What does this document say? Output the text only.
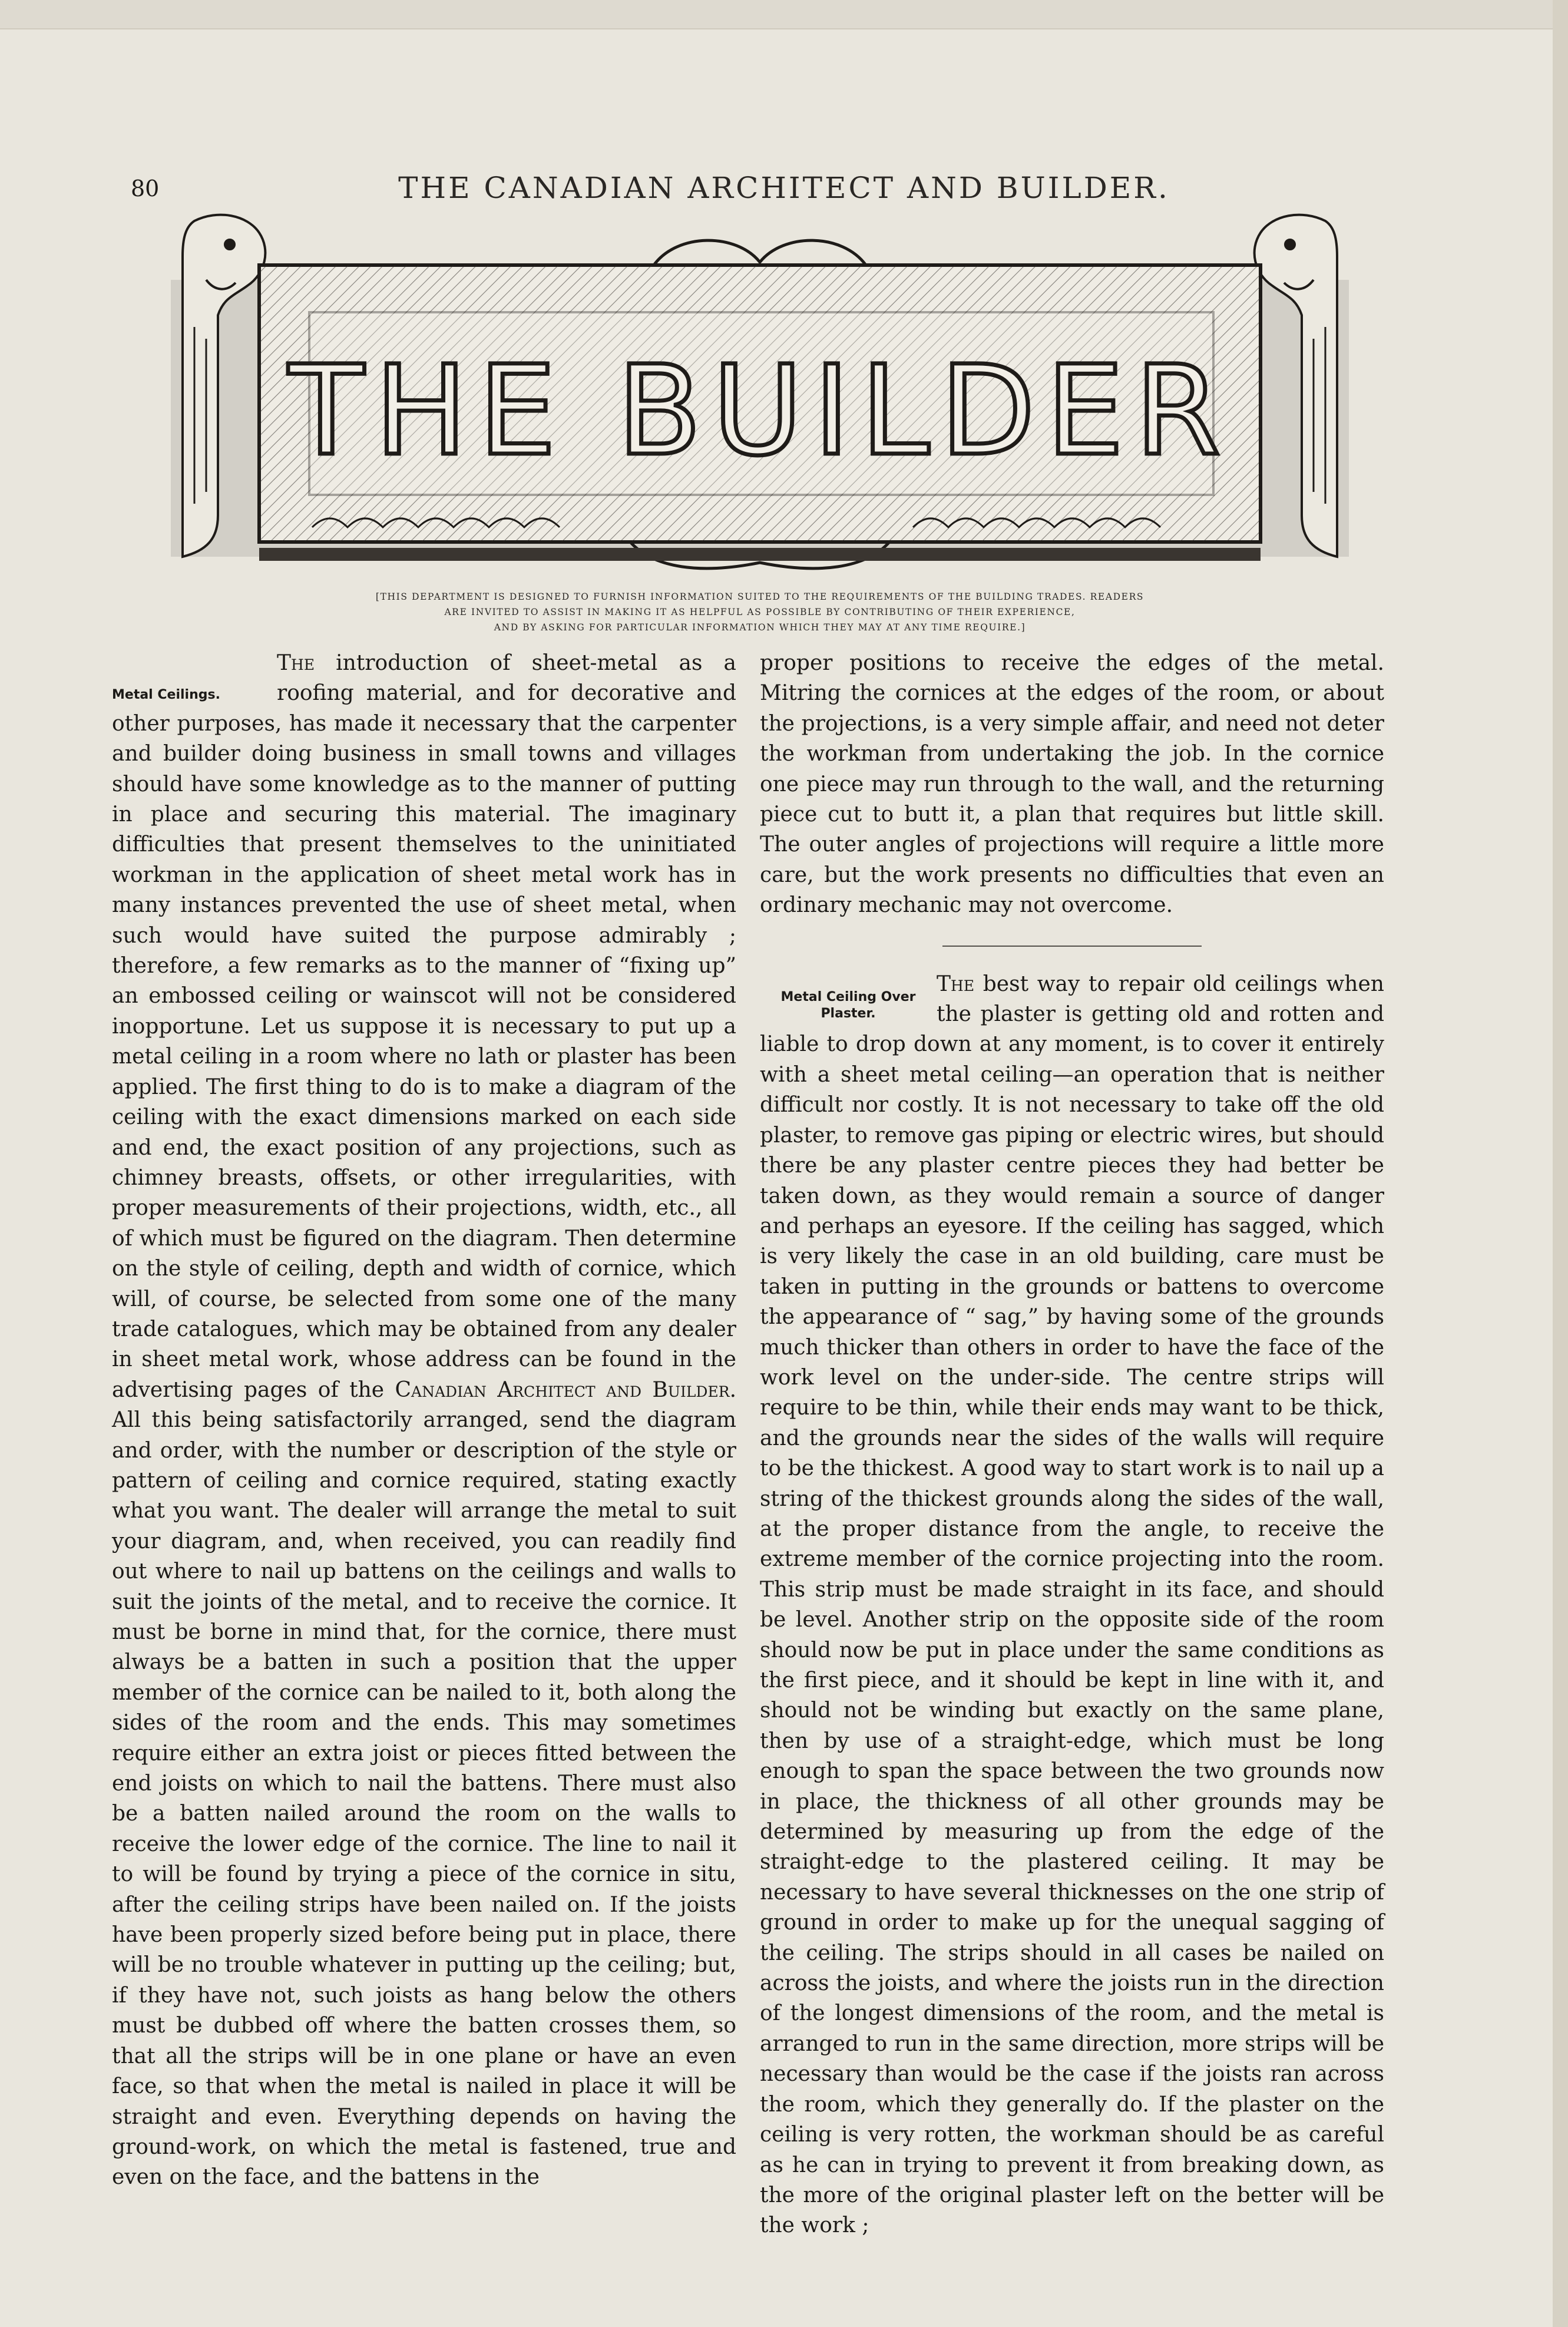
80	THE CANADIAN ARCHITECT AND BUILDER.
THE BUILDER
[THIS DEPARTMENT IS DESIGNED TO FURNISH INFORMATION SUITED TO THE REQUIREMENTS OF THE BUILDING TRADES. READERS
ARE INVITED TO ASSIST IN MAKING IT AS HELPFUL AS POSSIBLE BY CONTRIBUTING OF THEIR EXPERIENCE,
AND BY ASKING FOR PARTICULAR INFORMATION WHICH THEY MAY AT ANY TIME REQUIRE.]
Metal Ceilings.

The introduction of sheet-metal as a roofing material, and for decorative and other purposes, has made it necessary that the carpenter and builder doing business in small towns and villages should have some knowledge as to the manner of putting in place and securing this material. The imaginary difficulties that present themselves to the uninitiated workman in the application of sheet metal work has in many instances prevented the use of sheet metal, when such would have suited the purpose admirably ; therefore, a few remarks as to the manner of “fixing up” an embossed ceiling or wainscot will not be considered inopportune. Let us suppose it is necessary to put up a metal ceiling in a room where no lath or plaster has been applied. The first thing to do is to make a diagram of the ceiling with the exact dimensions marked on each side and end, the exact position of any projections, such as chimney breasts, offsets, or other irregularities, with proper measurements of their projections, width, etc., all of which must be figured on the diagram. Then determine on the style of ceiling, depth and width of cornice, which will, of course, be selected from some one of the many trade catalogues, which may be obtained from any dealer in sheet metal work, whose address can be found in the advertising pages of the Canadian Architect and Builder. All this being satisfactorily arranged, send the diagram and order, with the number or description of the style or pattern of ceiling and cornice required, stating exactly what you want. The dealer will arrange the metal to suit your diagram, and, when received, you can readily find out where to nail up battens on the ceilings and walls to suit the joints of the metal, and to receive the cornice. It must be borne in mind that, for the cornice, there must always be a batten in such a position that the upper member of the cornice can be nailed to it, both along the sides of the room and the ends. This may sometimes require either an extra joist or pieces fitted between the end joists on which to nail the battens. There must also be a batten nailed around the room on the walls to receive the lower edge of the cornice. The line to nail it to will be found by trying a piece of the cornice in situ, after the ceiling strips have been nailed on. If the joists have been properly sized before being put in place, there will be no trouble whatever in putting up the ceiling; but, if they have not, such joists as hang below the others must be dubbed off where the batten crosses them, so that all the strips will be in one plane or have an even face, so that when the metal is nailed in place it will be straight and even. Everything depends on having the ground-work, on which the metal is fastened, true and even on the face, and the battens in the

proper positions to receive the edges of the metal. Mitring the cornices at the edges of the room, or about the projections, is a very simple affair, and need not deter the workman from undertaking the job. In the cornice one piece may run through to the wall, and the returning piece cut to butt it, a plan that requires but little skill. The outer angles of projections will require a little more care, but the work presents no difficulties that even an ordinary mechanic may not overcome.

Metal Ceiling Over
Plaster.

The best way to repair old ceilings when the plaster is getting old and rotten and liable to drop down at any moment, is to cover it entirely with a sheet metal ceiling—an operation that is neither difficult nor costly. It is not necessary to take off the old plaster, to remove gas piping or electric wires, but should there be any plaster centre pieces they had better be taken down, as they would remain a source of danger and perhaps an eyesore. If the ceiling has sagged, which is very likely the case in an old building, care must be taken in putting in the grounds or battens to overcome the appearance of “ sag,” by having some of the grounds much thicker than others in order to have the face of the work level on the under-side. The centre strips will require to be thin, while their ends may want to be thick, and the grounds near the sides of the walls will require to be the thickest. A good way to start work is to nail up a string of the thickest grounds along the sides of the wall, at the proper distance from the angle, to receive the extreme member of the cornice projecting into the room. This strip must be made straight in its face, and should be level. Another strip on the opposite side of the room should now be put in place under the same conditions as the first piece, and it should be kept in line with it, and should not be winding but exactly on the same plane, then by use of a straight-edge, which must be long enough to span the space between the two grounds now in place, the thickness of all other grounds may be determined by measuring up from the edge of the straight-edge to the plastered ceiling. It may be necessary to have several thicknesses on the one strip of ground in order to make up for the unequal sagging of the ceiling. The strips should in all cases be nailed on across the joists, and where the joists run in the direction of the longest dimensions of the room, and the metal is arranged to run in the same direction, more strips will be necessary than would be the case if the joists ran across the room, which they generally do. If the plaster on the ceiling is very rotten, the workman should be as careful as he can in trying to prevent it from breaking down, as the more of the original plaster left on the better will be the work ;
